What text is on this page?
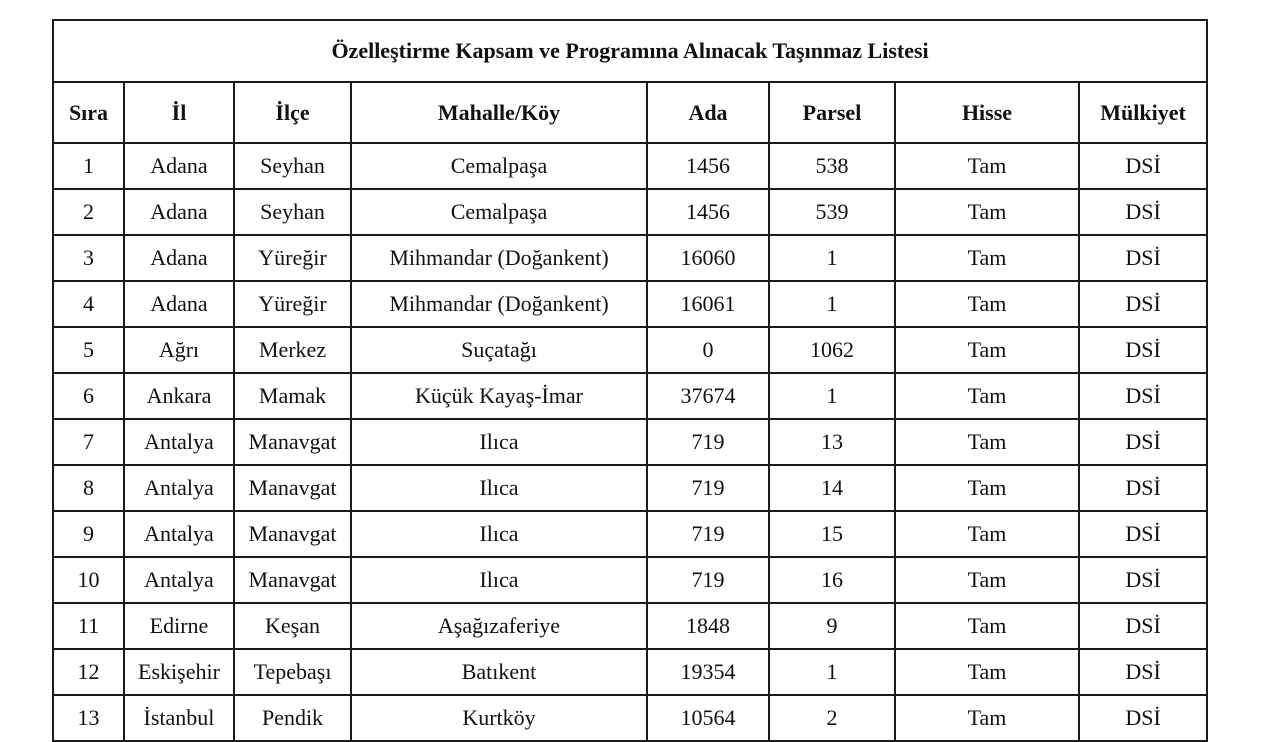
Özelleştirme Kapsam ve Programına Alınacak Taşınmaz Listesi							
Sıra	İl	İlçe	Mahalle/Köy	Ada	Parsel	Hisse	Mülkiyet
1	Adana	Seyhan	Cemalpaşa	1456	538	Tam	DSİ
2	Adana	Seyhan	Cemalpaşa	1456	539	Tam	DSİ
3	Adana	Yüreğir	Mihmandar (Doğankent)	16060	1	Tam	DSİ
4	Adana	Yüreğir	Mihmandar (Doğankent)	16061	1	Tam	DSİ
5	Ağrı	Merkez	Suçatağı	0	1062	Tam	DSİ
6	Ankara	Mamak	Küçük Kayaş-İmar	37674	1	Tam	DSİ
7	Antalya	Manavgat	Ilıca	719	13	Tam	DSİ
8	Antalya	Manavgat	Ilıca	719	14	Tam	DSİ
9	Antalya	Manavgat	Ilıca	719	15	Tam	DSİ
10	Antalya	Manavgat	Ilıca	719	16	Tam	DSİ
11	Edirne	Keşan	Aşağızaferiye	1848	9	Tam	DSİ
12	Eskişehir	Tepebaşı	Batıkent	19354	1	Tam	DSİ
13	İstanbul	Pendik	Kurtköy	10564	2	Tam	DSİ
